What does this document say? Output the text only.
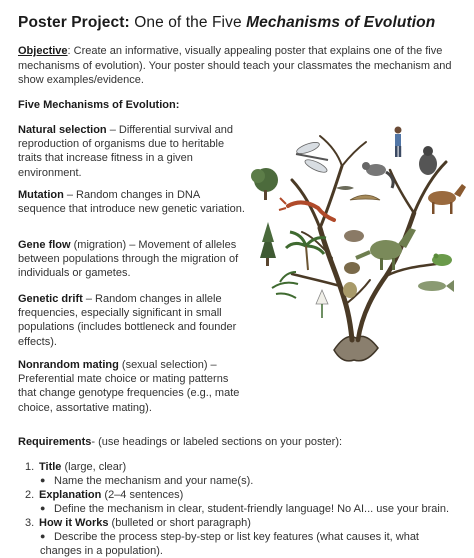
Poster Project: One of the Five Mechanisms of Evolution
Objective: Create an informative, visually appealing poster that explains one of the five mechanisms of evolution). Your poster should teach your classmates the mechanism and show examples/evidence.
Five Mechanisms of Evolution:
Natural selection – Differential survival and reproduction of organisms due to heritable traits that increase fitness in a given environment.
Mutation – Random changes in DNA sequence that introduce new genetic variation.
Gene flow (migration) – Movement of alleles between populations through the migration of individuals or gametes.
Genetic drift – Random changes in allele frequencies, especially significant in small populations (includes bottleneck and founder effects).
Nonrandom mating (sexual selection) – Preferential mate choice or mating patterns that change genotype frequencies (e.g., mate choice, assortative mating).
Requirements- (use headings or labeled sections on your poster):
1. Title (large, clear)
● Name the mechanism and your name(s).
2. Explanation (2–4 sentences)
● Define the mechanism in clear, student-friendly language! No AI... use your brain.
3. How it Works (bulleted or short paragraph)
● Describe the process step-by-step or list key features (what causes it, what changes in a population).
